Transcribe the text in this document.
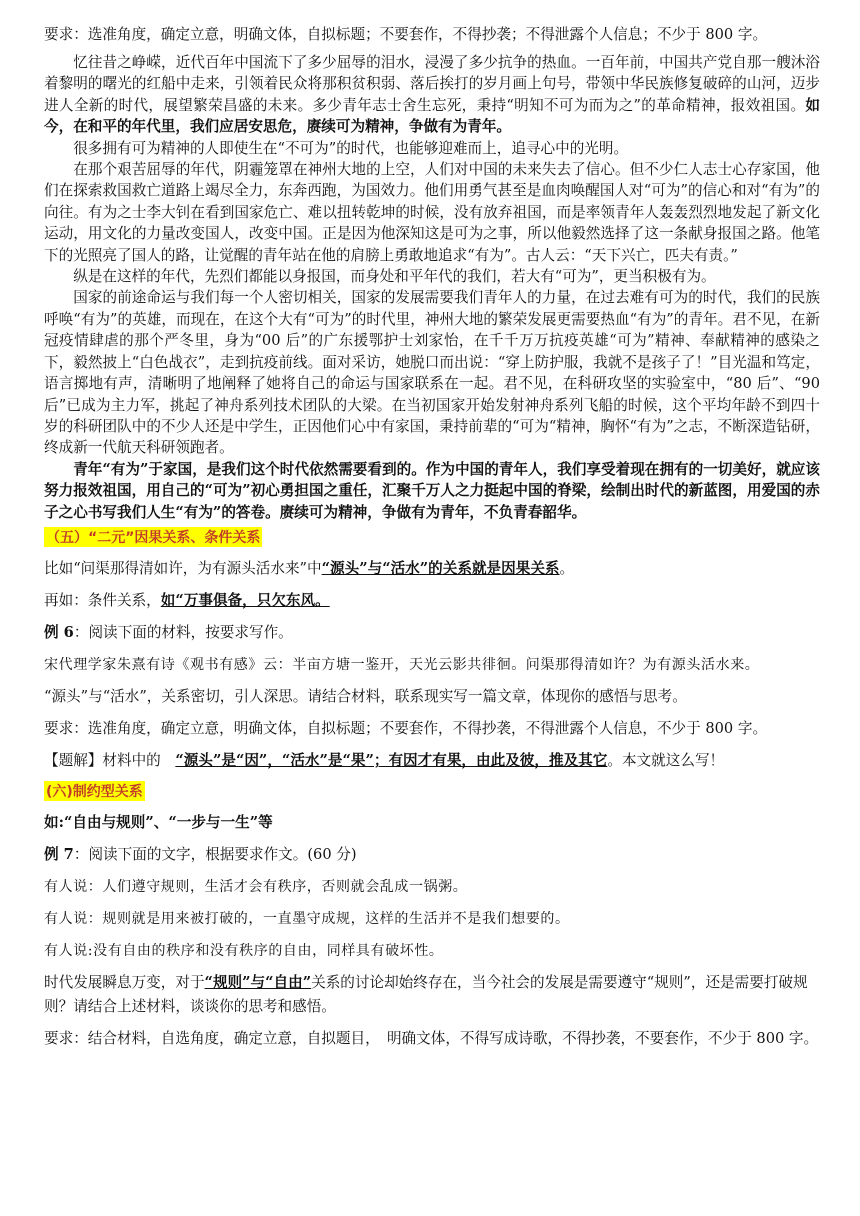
要求：选准角度，确定立意，明确文体，自拟标题；不要套作，不得抄袭；不得泄露个人信息；不少于 800 字。

忆往昔之峥嵘，近代百年中国流下了多少屈辱的泪水，浸漫了多少抗争的热血。一百年前，中国共产党自那一艘沐浴着黎明的曙光的红船中走来，引领着民众将那积贫积弱、落后挨打的岁月画上句号，带领中华民族修复破碎的山河，迈步进人全新的时代，展望繁荣昌盛的未来。多少青年志士舍生忘死，秉持“明知不可为而为之”的革命精神，报效祖国。如今，在和平的年代里，我们应居安思危，赓续可为精神，争做有为青年。

很多拥有可为精神的人即使生在“不可为”的时代，也能够迎难而上，追寻心中的光明。

在那个艰苦屈辱的年代，阴霾笼罩在神州大地的上空，人们对中国的未来失去了信心。但不少仁人志士心存家国，他们在探索救国救亡道路上竭尽全力，东奔西跑，为国效力。他们用勇气甚至是血肉唤醒国人对“可为”的信心和对“有为”的向往。有为之士李大钊在看到国家危亡、难以扭转乾坤的时候，没有放弃祖国，而是率领青年人轰轰烈烈地发起了新文化运动，用文化的力量改变国人，改变中国。正是因为他深知这是可为之事，所以他毅然选择了这一条献身报国之路。他笔下的光照亮了国人的路，让觉醒的青年站在他的肩膀上勇敢地追求“有为”。古人云：“天下兴亡，匹夫有责。”

纵是在这样的年代，先烈们都能以身报国，而身处和平年代的我们，若大有“可为”，更当积极有为。

国家的前途命运与我们每一个人密切相关，国家的发展需要我们青年人的力量，在过去难有可为的时代，我们的民族呼唤“有为”的英雄，而现在，在这个大有“可为”的时代里，神州大地的繁荣发展更需要热血“有为”的青年。君不见，在新冠疫情肆虐的那个严冬里，身为“00 后”的广东援鄂护士刘家怡，在千千万万抗疫英雄“可为”精神、奉献精神的感染之下，毅然披上“白色战衣”，走到抗疫前线。面对采访，她脱口而出说：“穿上防护服，我就不是孩子了！”目光温和笃定，语言掷地有声，清晰明了地阐释了她将自己的命运与国家联系在一起。君不见，在科研攻坚的实验室中，“80 后”、“90 后”已成为主力军，挑起了神舟系列技术团队的大梁。在当初国家开始发射神舟系列飞船的时候，这个平均年龄不到四十岁的科研团队中的不少人还是中学生，正因他们心中有家国，秉持前辈的“可为“精神，胸怀“有为”之志，不断深造钻研，终成新一代航天科研领跑者。

青年“有为”于家国，是我们这个时代依然需要看到的。作为中国的青年人，我们享受着现在拥有的一切美好，就应该努力报效祖国，用自己的“可为”初心勇担国之重任，汇聚千万人之力挺起中国的脊梁，绘制出时代的新蓝图，用爱国的赤子之心书写我们人生“有为”的答卷。赓续可为精神，争做有为青年，不负青春韶华。

（五）“二元”因果关系、条件关系

比如“问渠那得清如许，为有源头活水来”中“源头”与“活水”的关系就是因果关系。

再如：条件关系，如“万事俱备，只欠东风。

例 6：阅读下面的材料，按要求写作。

宋代理学家朱熹有诗《观书有感》云：半亩方塘一鉴开，天光云影共徘徊。问渠那得清如许？为有源头活水来。

“源头”与“活水”，关系密切，引人深思。请结合材料，联系现实写一篇文章，体现你的感悟与思考。

要求：选准角度，确定立意，明确文体，自拟标题；不要套作，不得抄袭，不得泄露个人信息，不少于 800 字。

【题解】材料中的　“源头”是“因”，“活水”是“果”；有因才有果，由此及彼，推及其它。本文就这么写！

(六)制约型关系

如:“自由与规则”、“一步与一生”等

例 7：阅读下面的文字，根据要求作文。(60 分)

有人说：人们遵守规则，生活才会有秩序，否则就会乱成一锅粥。

有人说：规则就是用来被打破的，一直墨守成规，这样的生活并不是我们想要的。

有人说:没有自由的秩序和没有秩序的自由，同样具有破坏性。

时代发展瞬息万变，对于“规则”与“自由”关系的讨论却始终存在，当今社会的发展是需要遵守“规则”，还是需要打破规则？请结合上述材料，谈谈你的思考和感悟。

要求：结合材料，自选角度，确定立意，自拟题目，　明确文体，不得写成诗歌，不得抄袭，不要套作，不少于 800 字。
